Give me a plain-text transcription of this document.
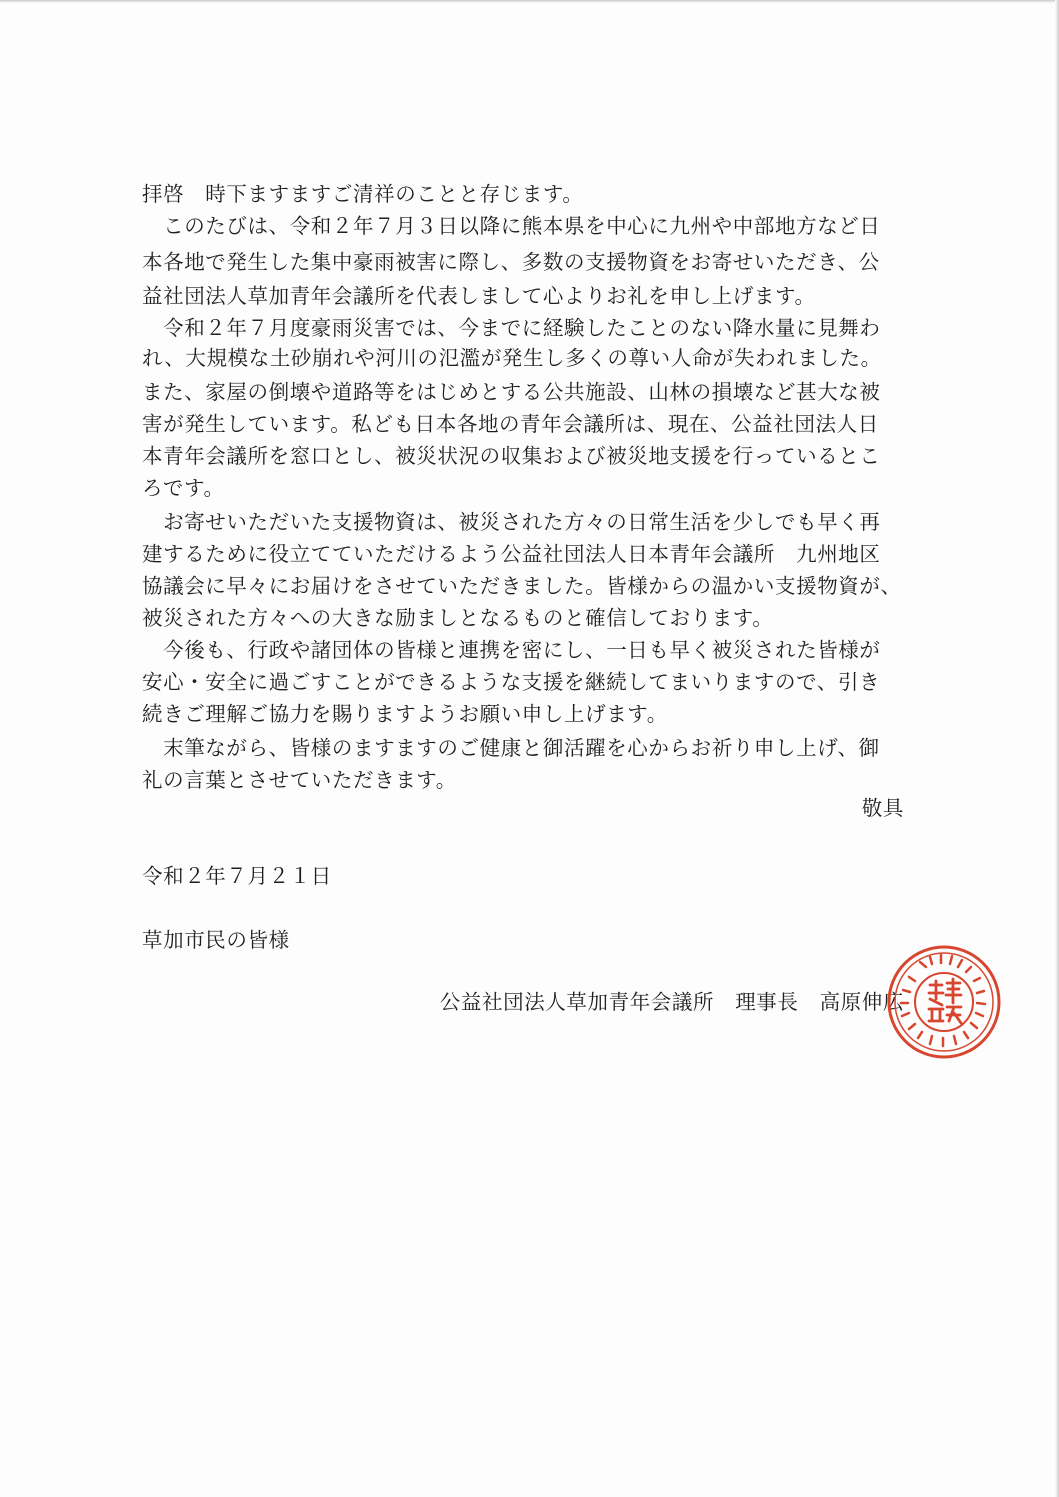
拝啓　時下ますますご清祥のことと存じます。
　このたびは、令和２年７月３日以降に熊本県を中心に九州や中部地方など日
本各地で発生した集中豪雨被害に際し、多数の支援物資をお寄せいただき、公
益社団法人草加青年会議所を代表しまして心よりお礼を申し上げます。
　令和２年７月度豪雨災害では、今までに経験したことのない降水量に見舞わ
れ、大規模な土砂崩れや河川の氾濫が発生し多くの尊い人命が失われました。
また、家屋の倒壊や道路等をはじめとする公共施設、山林の損壊など甚大な被
害が発生しています。私ども日本各地の青年会議所は、現在、公益社団法人日
本青年会議所を窓口とし、被災状況の収集および被災地支援を行っているとこ
ろです。
　お寄せいただいた支援物資は、被災された方々の日常生活を少しでも早く再
建するために役立てていただけるよう公益社団法人日本青年会議所　九州地区
協議会に早々にお届けをさせていただきました。皆様からの温かい支援物資が、
被災された方々への大きな励ましとなるものと確信しております。
　今後も、行政や諸団体の皆様と連携を密にし、一日も早く被災された皆様が
安心・安全に過ごすことができるような支援を継続してまいりますので、引き
続きご理解ご協力を賜りますようお願い申し上げます。
　末筆ながら、皆様のますますのご健康と御活躍を心からお祈り申し上げ、御
礼の言葉とさせていただきます。
敬具
令和２年７月２１日
草加市民の皆様
公益社団法人草加青年会議所　理事長　高原伸広
